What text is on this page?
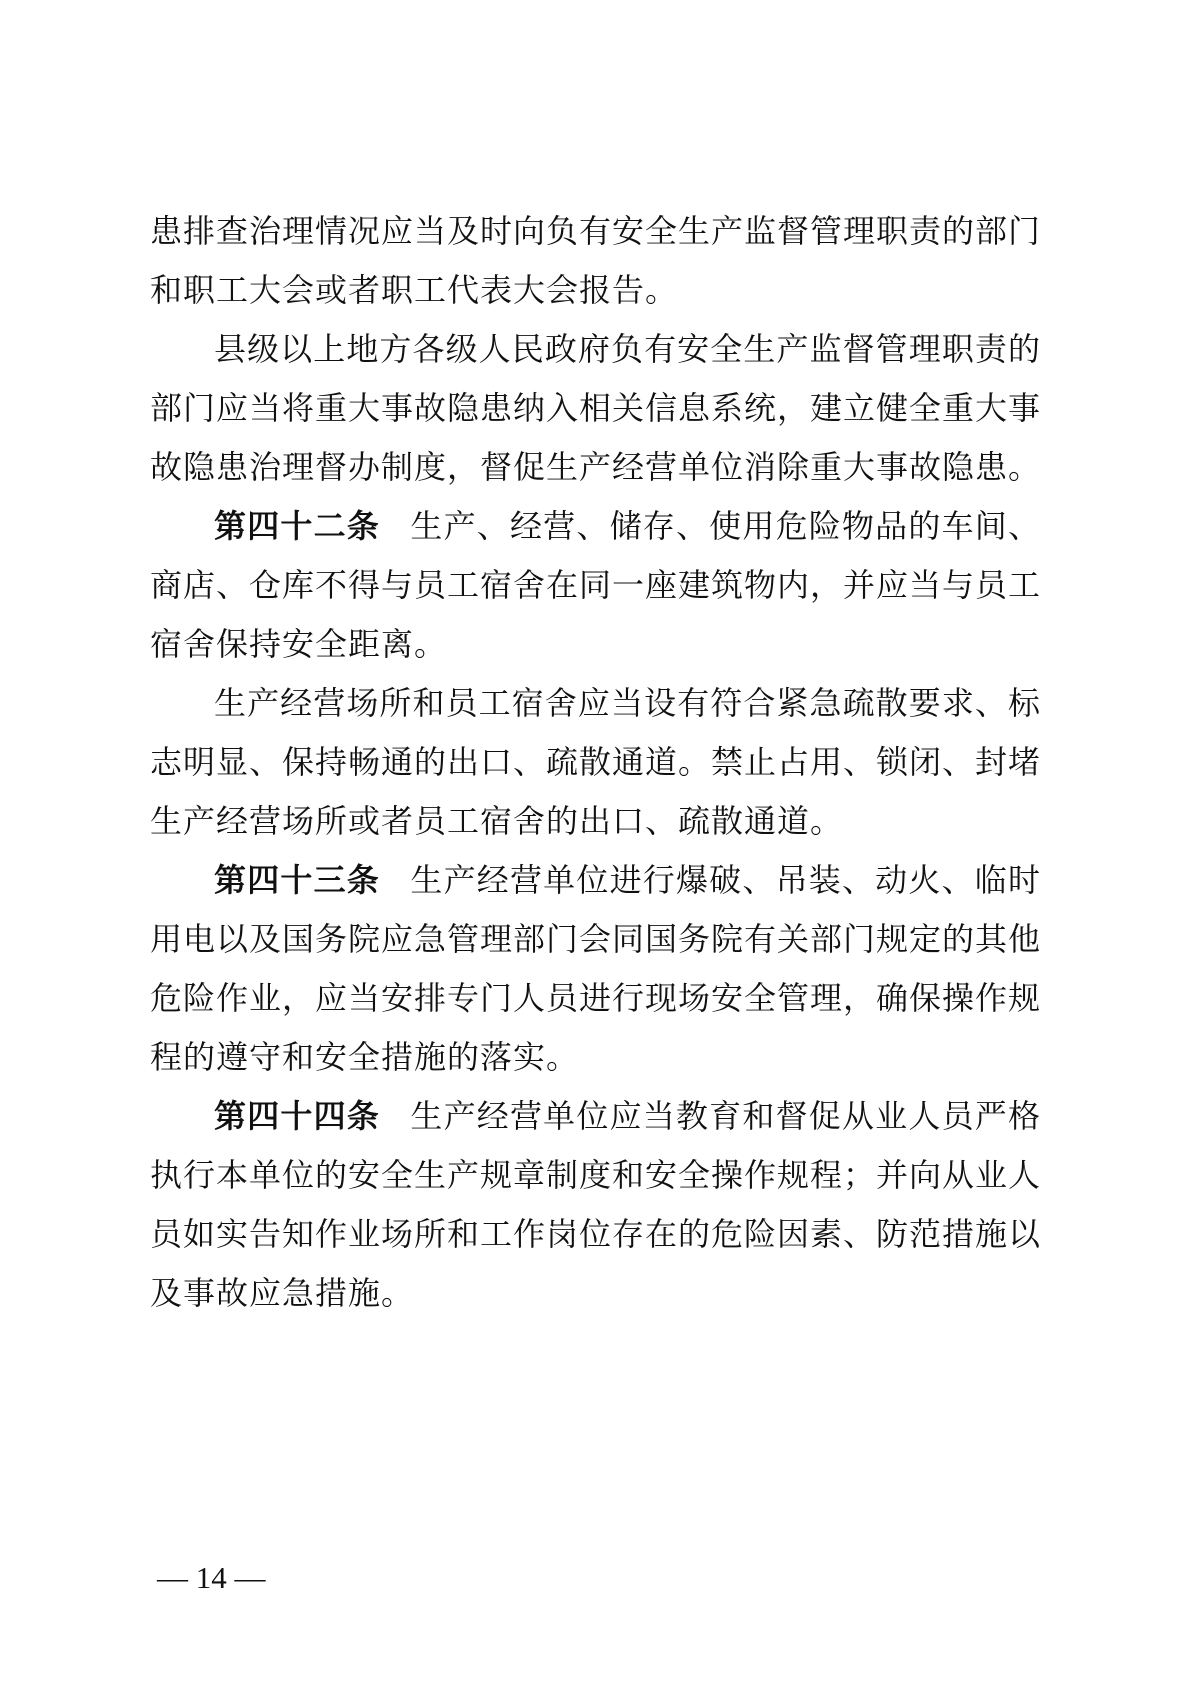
患排查治理情况应当及时向负有安全生产监督管理职责的部门和职工大会或者职工代表大会报告。

县级以上地方各级人民政府负有安全生产监督管理职责的部门应当将重大事故隐患纳入相关信息系统，建立健全重大事故隐患治理督办制度，督促生产经营单位消除重大事故隐患。

第四十二条 生产、经营、储存、使用危险物品的车间、商店、仓库不得与员工宿舍在同一座建筑物内，并应当与员工宿舍保持安全距离。

生产经营场所和员工宿舍应当设有符合紧急疏散要求、标志明显、保持畅通的出口、疏散通道。禁止占用、锁闭、封堵生产经营场所或者员工宿舍的出口、疏散通道。

第四十三条 生产经营单位进行爆破、吊装、动火、临时用电以及国务院应急管理部门会同国务院有关部门规定的其他危险作业，应当安排专门人员进行现场安全管理，确保操作规程的遵守和安全措施的落实。

第四十四条 生产经营单位应当教育和督促从业人员严格执行本单位的安全生产规章制度和安全操作规程；并向从业人员如实告知作业场所和工作岗位存在的危险因素、防范措施以及事故应急措施。

— 14 —
